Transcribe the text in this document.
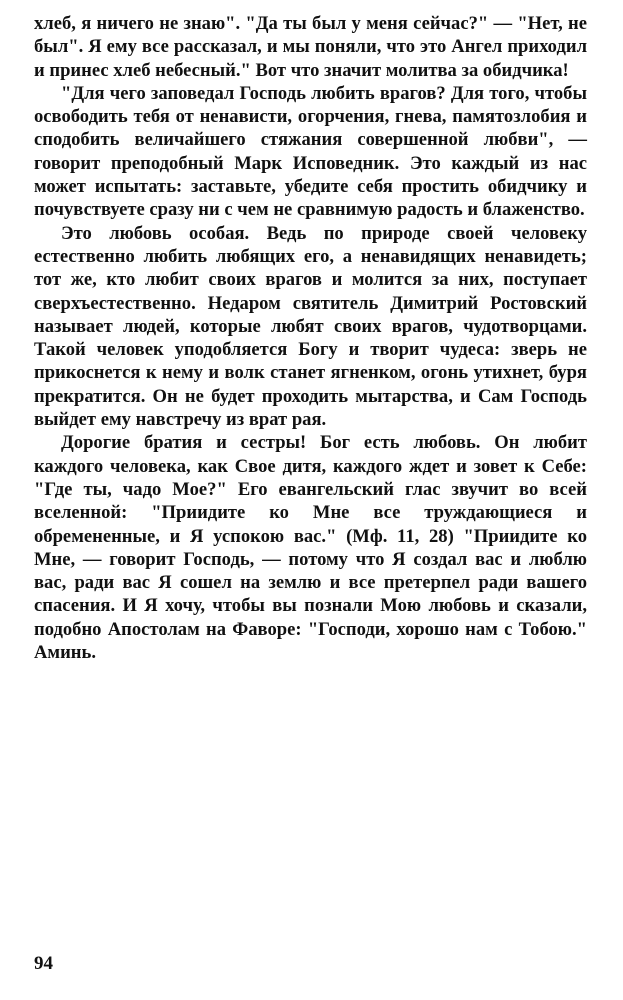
хлеб, я ничего не знаю". "Да ты был у меня сейчас?" — "Нет, не был". Я ему все рассказал, и мы поняли, что это Ангел приходил и принес хлеб небесный." Вот что значит молитва за обидчика!

"Для чего заповедал Господь любить врагов? Для того, чтобы освободить тебя от ненависти, огорчения, гнева, памятозлобия и сподобить величайшего стяжания совершенной любви", — говорит преподобный Марк Исповедник. Это каждый из нас может испытать: заставьте, убедите себя простить обидчику и почувствуете сразу ни с чем не сравнимую радость и блаженство.

Это любовь особая. Ведь по природе своей человеку естественно любить любящих его, а ненавидящих ненавидеть; тот же, кто любит своих врагов и молится за них, поступает сверхъестественно. Недаром святитель Димитрий Ростовский называет людей, которые любят своих врагов, чудотворцами. Такой человек уподобляется Богу и творит чудеса: зверь не прикоснется к нему и волк станет ягненком, огонь утихнет, буря прекратится. Он не будет проходить мытарства, и Сам Господь выйдет ему навстречу из врат рая.

Дорогие братия и сестры! Бог есть любовь. Он любит каждого человека, как Свое дитя, каждого ждет и зовет к Себе: "Где ты, чадо Мое?" Его евангельский глас звучит во всей вселенной: "Приидите ко Мне все труждающиеся и обремененные, и Я успокою вас." (Мф. 11, 28) "Приидите ко Мне, — говорит Господь, — потому что Я создал вас и люблю вас, ради вас Я сошел на землю и все претерпел ради вашего спасения. И Я хочу, чтобы вы познали Мою любовь и сказали, подобно Апостолам на Фаворе: "Господи, хорошо нам с Тобою." Аминь.

94
